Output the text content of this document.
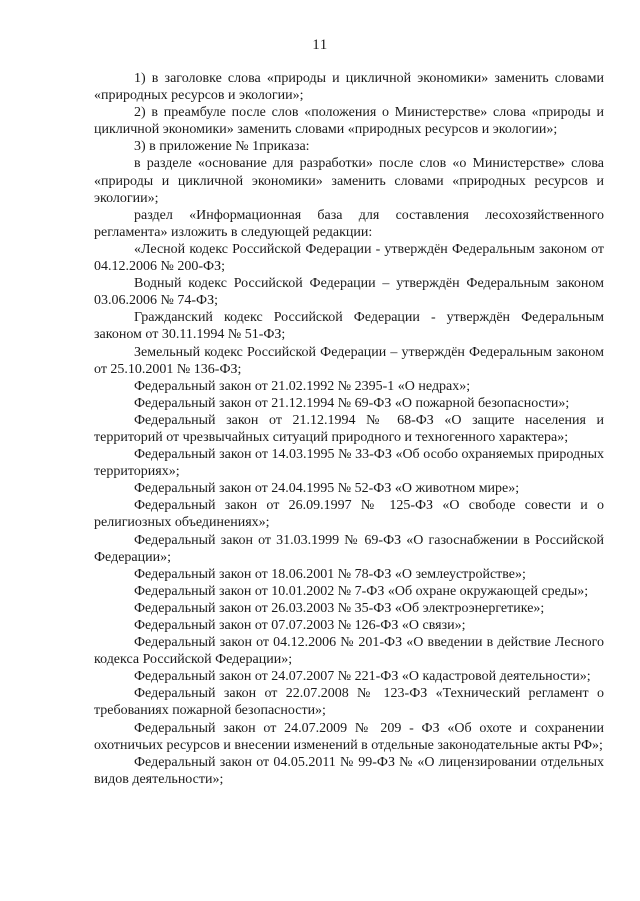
11

1) в заголовке слова «природы и цикличной экономики» заменить словами «природных ресурсов и экологии»;

2) в преамбуле после слов «положения о Министерстве» слова «природы и цикличной экономики» заменить словами «природных ресурсов и экологии»;

3) в приложение № 1приказа:

в разделе «основание для разработки» после слов «о Министерстве» слова «природы и цикличной экономики» заменить словами «природных ресурсов и экологии»;

раздел «Информационная база для составления лесохозяйственного регламента» изложить в следующей редакции:

«Лесной кодекс Российской Федерации - утверждён Федеральным законом от 04.12.2006 № 200-ФЗ;

Водный кодекс Российской Федерации – утверждён Федеральным законом 03.06.2006 № 74-ФЗ;

Гражданский кодекс Российской Федерации - утверждён Федеральным законом от 30.11.1994 № 51-ФЗ;

Земельный кодекс Российской Федерации – утверждён Федеральным законом от 25.10.2001 № 136-ФЗ;

Федеральный закон от 21.02.1992 № 2395-1 «О недрах»;

Федеральный закон от 21.12.1994 № 69-ФЗ «О пожарной безопасности»;

Федеральный закон от 21.12.1994 № 68-ФЗ «О защите населения и территорий от чрезвычайных ситуаций природного и техногенного характера»;

Федеральный закон от 14.03.1995 № 33-ФЗ «Об особо охраняемых природных территориях»;

Федеральный закон от 24.04.1995 № 52-ФЗ «О животном мире»;

Федеральный закон от 26.09.1997 № 125-ФЗ «О свободе совести и о религиозных объединениях»;

Федеральный закон от 31.03.1999 № 69-ФЗ «О газоснабжении в Российской Федерации»;

Федеральный закон от 18.06.2001 № 78-ФЗ «О землеустройстве»;

Федеральный закон от 10.01.2002 № 7-ФЗ «Об охране окружающей среды»;

Федеральный закон от 26.03.2003 № 35-ФЗ «Об электроэнергетике»;

Федеральный закон от 07.07.2003 № 126-ФЗ «О связи»;

Федеральный закон от 04.12.2006 № 201-ФЗ «О введении в действие Лесного кодекса Российской Федерации»;

Федеральный закон от 24.07.2007 № 221-ФЗ «О кадастровой деятельности»;

Федеральный закон от 22.07.2008 № 123-ФЗ «Технический регламент о требованиях пожарной безопасности»;

Федеральный закон от 24.07.2009 № 209 - ФЗ «Об охоте и сохранении охотничьих ресурсов и внесении изменений в отдельные законодательные акты РФ»;

Федеральный закон от 04.05.2011 № 99-ФЗ № «О лицензировании отдельных видов деятельности»;
